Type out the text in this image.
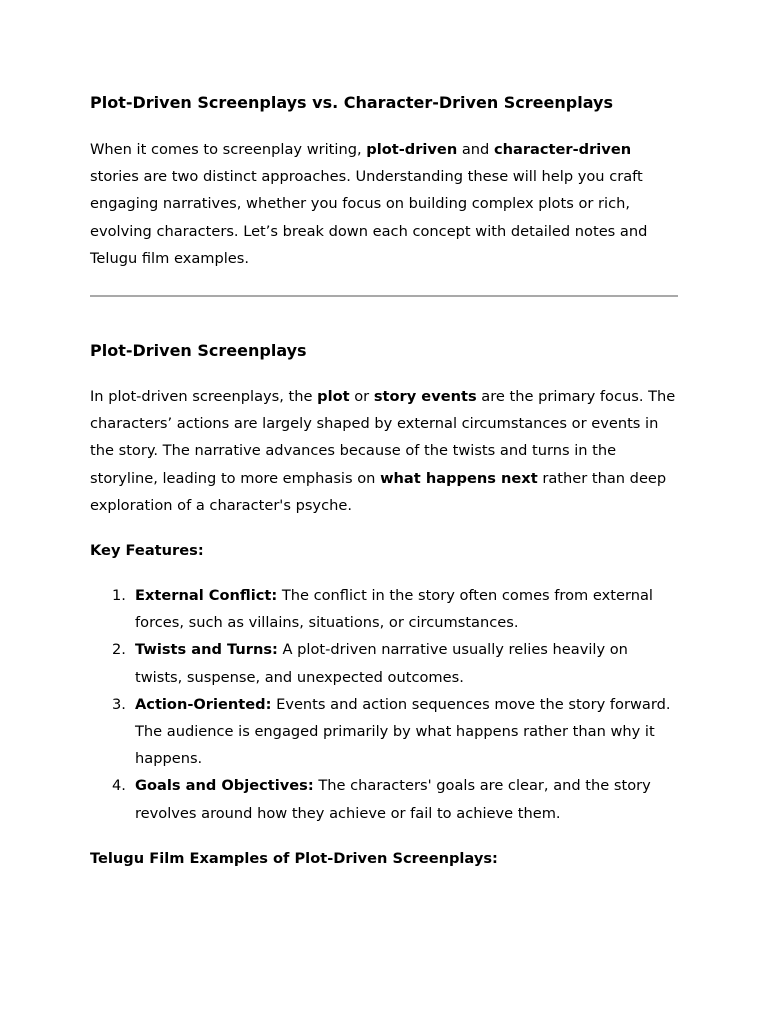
Plot-Driven Screenplays vs. Character-Driven Screenplays

When it comes to screenplay writing, plot-driven and character-driven stories are two distinct approaches. Understanding these will help you craft engaging narratives, whether you focus on building complex plots or rich, evolving characters. Let’s break down each concept with detailed notes and Telugu film examples.

Plot-Driven Screenplays

In plot-driven screenplays, the plot or story events are the primary focus. The characters’ actions are largely shaped by external circumstances or events in the story. The narrative advances because of the twists and turns in the storyline, leading to more emphasis on what happens next rather than deep exploration of a character's psyche.

Key Features:

1. External Conflict: The conflict in the story often comes from external forces, such as villains, situations, or circumstances.
2. Twists and Turns: A plot-driven narrative usually relies heavily on twists, suspense, and unexpected outcomes.
3. Action-Oriented: Events and action sequences move the story forward. The audience is engaged primarily by what happens rather than why it happens.
4. Goals and Objectives: The characters' goals are clear, and the story revolves around how they achieve or fail to achieve them.

Telugu Film Examples of Plot-Driven Screenplays:
